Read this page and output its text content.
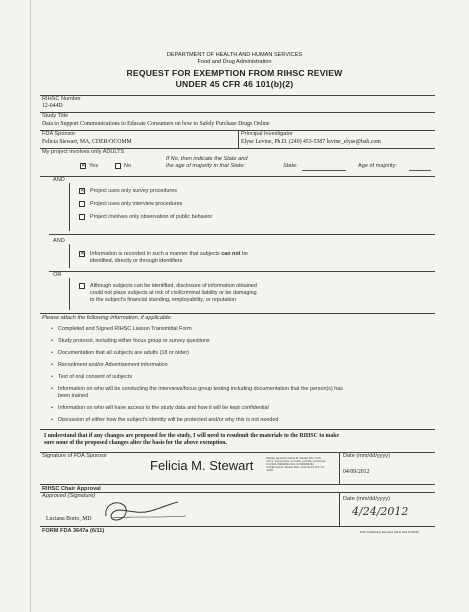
DEPARTMENT OF HEALTH AND HUMAN SERVICES
Food and Drug Administration
REQUEST FOR EXEMPTION FROM RIHSC REVIEW
UNDER 45 CFR 46 101(b)(2)
RIHSC Number
12-044D
Study Title
Data to Support Communications to Educate Consumers on how to Safely Purchase Drugs Online
FDA Sponsor
Felicia Stewart, MA, CDER/OCOMM
Principal Investigator
Elyse Levine, Ph.D. (240) 453-5387 levine_elyse@bah.com
My project involves only ADULTS
✕
Yes	No
If No, then indicate the State and
the age of majority in that State:	State:	Age of majority:
AND
✕
Project uses only survey procedures
Project uses only interview procedures
Project involves only observation of public behavior
AND
✕
Information is recorded in such a manner that subjects can not be
identified, directly or through identifiers
OR
Although subjects can be identified, disclosure of information obtained
could not place subjects at risk of civil/criminal liability or be damaging
to the subject's financial standing, employability, or reputation
Please attach the following information, if applicable:
• Completed and Signed RIHSC Liaison Transmittal Form
• Study protocol, including either focus group or survey questions
• Documentation that all subjects are adults (18 or older)
• Recruitment and/or Advertisement information
• Text of oral consent of subjects
• Information on who will be conducting the interviews/focus group testing including documentation that the person(s) has
been trained
• Information on who will have access to the study data and how it will be kept confidential
• Discussion of either how the subject's identity will be protected and/or why this is not needed
I understand that if any changes are proposed for the study, I will need to resubmit the materials to the RIHSC to make
sure none of the proposed changes alter the basis for the above exemption.
Signature of FDA Sponsor
Felicia M. Stewart	Digitally signed by Felicia M. Stewart DN: c=US, o=U.S. Government, ou=HHS, ou=FDA, ou=People, 0.9.2342.19200300.100.1.1=1300004493, cn=FELICIA M. Stewart Date: 2012.04.09 16:17:17 -04'00'
Date (mm/dd/yyyy)
04/09/2012
RIHSC Chair Approval
Approved (Signature)
Luciana Borio, MD
Date (mm/dd/yyyy)
4/24/2012
FORM FDA 3647a (6/11)	PSC Publishing Services (301) 443-6740 EF
